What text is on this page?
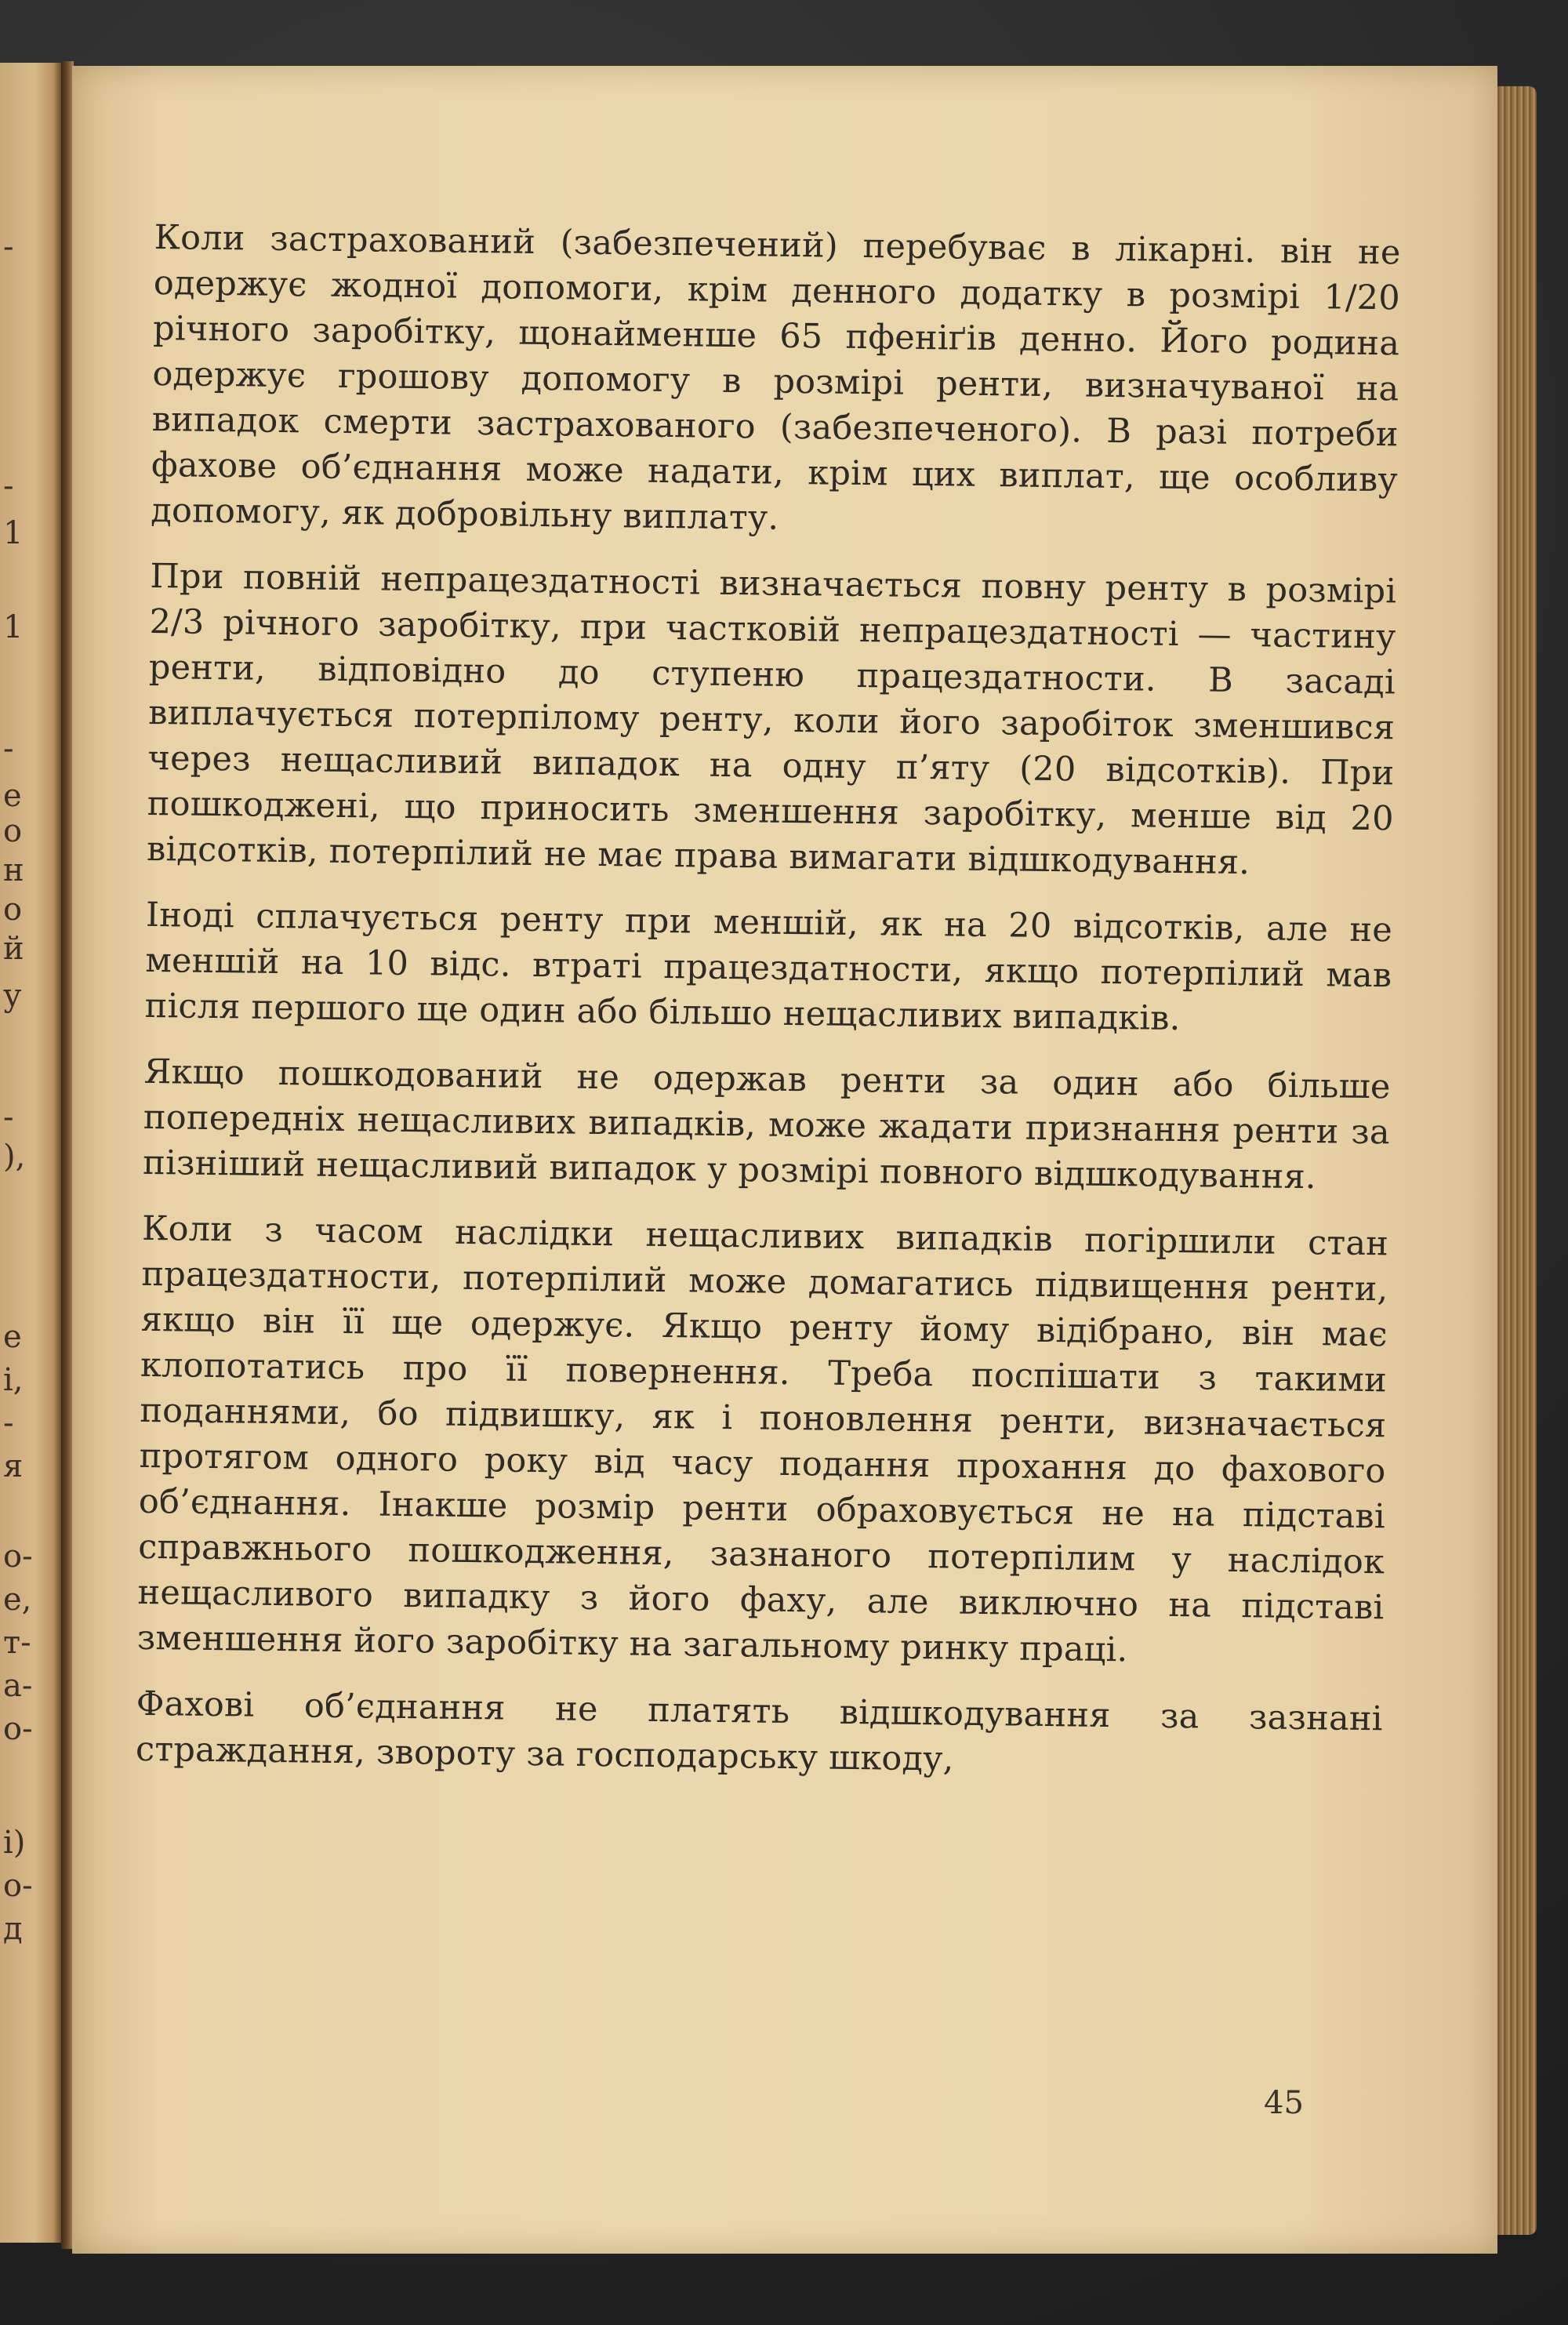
-
-
1
1
-
е
о
н
о
й
у
-
),
е
і,
-
я
о-
е,
т-
а-
о-
і)
о-
д

Коли застрахований (забезпечений) перебуває в лікарні. він не одержує жодної допомоги, крім денного додатку в розмірі 1/20 річного заробітку, щонайменше 65 пфеніґів денно. Його родина одержує грошову допомогу в розмірі ренти, визначуваної на випадок смерти застрахованого (забезпеченого). В разі потреби фахове об’єднання може надати, крім цих виплат, ще особливу допомогу, як добровільну виплату.

При повній непрацездатності визначається повну ренту в розмірі 2/3 річного заробітку, при частковій непрацездатності — частину ренти, відповідно до ступеню працездатности. В засаді виплачується потерпілому ренту, коли його заробіток зменшився через нещасливий випадок на одну п’яту (20 відсотків). При пошкоджені, що приносить зменшення заробітку, менше від 20 відсотків, потерпілий не має права вимагати відшкодування.

Іноді сплачується ренту при меншій, як на 20 відсотків, але не меншій на 10 відс. втраті працездатности, якщо потерпілий мав після першого ще один або більшо нещасливих випадків.

Якщо пошкодований не одержав ренти за один або більше попередніх нещасливих випадків, може жадати признання ренти за пізніший нещасливий випадок у розмірі повного відшкодування.

Коли з часом наслідки нещасливих випадків погіршили стан працездатности, потерпілий може домагатись підвищення ренти, якщо він її ще одержує. Якщо ренту йому відібрано, він має клопотатись про її повернення. Треба поспішати з такими поданнями, бо підвишку, як і поновлення ренти, визначається протягом одного року від часу подання прохання до фахового об’єднання. Інакше розмір ренти обраховується не на підставі справжнього пошкодження, зазнаного потерпілим у наслідок нещасливого випадку з його фаху, але виключно на підставі зменшення його заробітку на загальному ринку праці.

Фахові об’єднання не платять відшкодування за зазнані страждання, звороту за господарську шкоду,

45
